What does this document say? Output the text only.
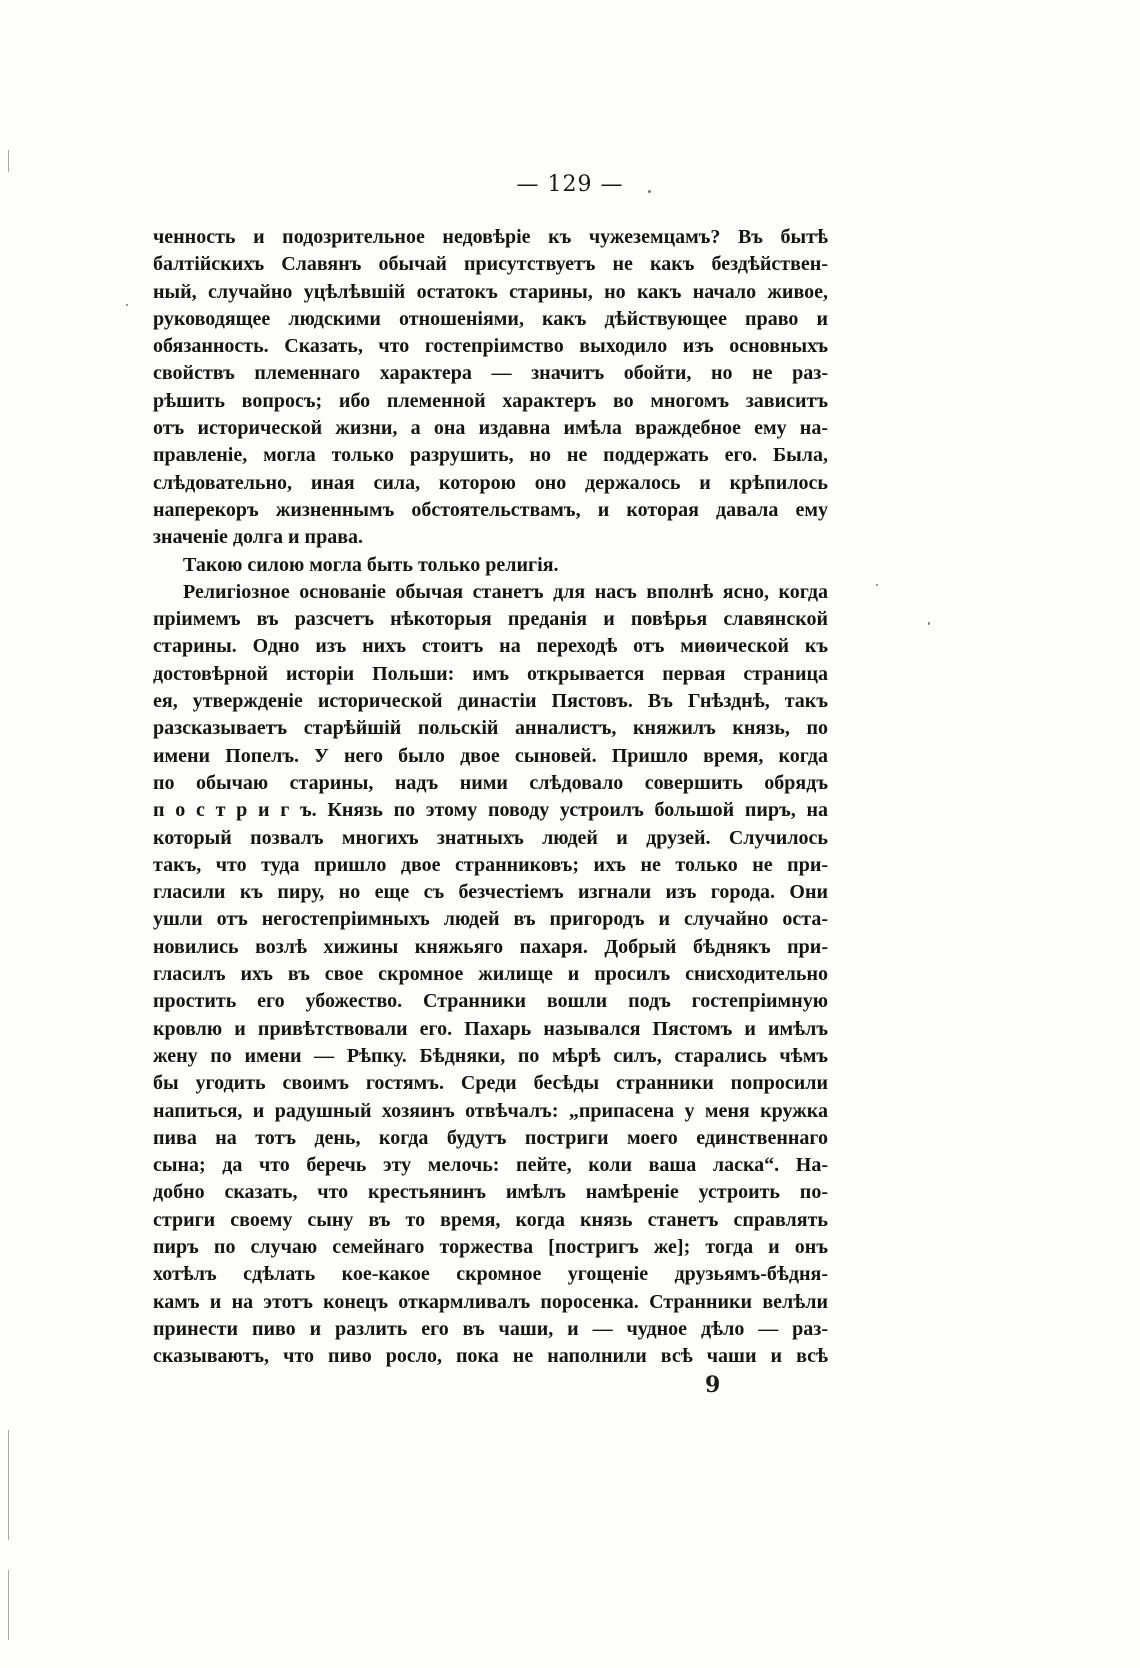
— 129 —
ченность и подозрительное недовѣріе къ чужеземцамъ? Въ бытѣ
балтійскихъ Славянъ обычай присутствуетъ не какъ бездѣйствен-
ный, случайно уцѣлѣвшій остатокъ старины, но какъ начало живое,
руководящее людскими отношеніями, какъ дѣйствующее право и
обязанность. Сказать, что гостепріимство выходило изъ основныхъ
свойствъ племеннаго характера — значитъ обойти, но не раз-
рѣшить вопросъ; ибо племенной характеръ во многомъ зависитъ
отъ исторической жизни, а она издавна имѣла враждебное ему на-
правленіе, могла только разрушить, но не поддержать его. Была,
слѣдовательно, иная сила, которою оно держалось и крѣпилось
наперекоръ жизненнымъ обстоятельствамъ, и которая давала ему
значеніе долга и права.
Такою силою могла быть только религія.
Религіозное основаніе обычая станетъ для насъ вполнѣ ясно, когда
пріимемъ въ разсчетъ нѣкоторыя преданія и повѣрья славянской
старины. Одно изъ нихъ стоитъ на переходѣ отъ миѳической къ
достовѣрной исторіи Польши: имъ открывается первая страница
ея, утвержденіе исторической династіи Пястовъ. Въ Гнѣзднѣ, такъ
разсказываетъ старѣйшій польскій анналистъ, княжилъ князь, по
имени Попелъ. У него было двое сыновей. Пришло время, когда
по обычаю старины, надъ ними слѣдовало совершить обрядъ
п о с т р и г ъ. Князь по этому поводу устроилъ большой пиръ, на
который позвалъ многихъ знатныхъ людей и друзей. Случилось
такъ, что туда пришло двое странниковъ; ихъ не только не при-
гласили къ пиру, но еще съ безчестіемъ изгнали изъ города. Они
ушли отъ негостепріимныхъ людей въ пригородъ и случайно оста-
новились возлѣ хижины княжьяго пахаря. Добрый бѣднякъ при-
гласилъ ихъ въ свое скромное жилище и просилъ снисходительно
простить его убожество. Странники вошли подъ гостепріимную
кровлю и привѣтствовали его. Пахарь назывался Пястомъ и имѣлъ
жену по имени — Рѣпку. Бѣдняки, по мѣрѣ силъ, старались чѣмъ
бы угодить своимъ гостямъ. Среди бесѣды странники попросили
напиться, и радушный хозяинъ отвѣчалъ: „припасена у меня кружка
пива на тотъ день, когда будутъ постриги моего единственнаго
сына; да что беречь эту мелочь: пейте, коли ваша ласка“. На-
добно сказать, что крестьянинъ имѣлъ намѣреніе устроить по-
стриги своему сыну въ то время, когда князь станетъ справлять
пиръ по случаю семейнаго торжества [постригъ же]; тогда и онъ
хотѣлъ сдѣлать кое-какое скромное угощеніе друзьямъ-бѣдня-
камъ и на этотъ конецъ откармливалъ поросенка. Странники велѣли
принести пиво и разлить его въ чаши, и — чудное дѣло — раз-
сказываютъ, что пиво росло, пока не наполнили всѣ чаши и всѣ
9
